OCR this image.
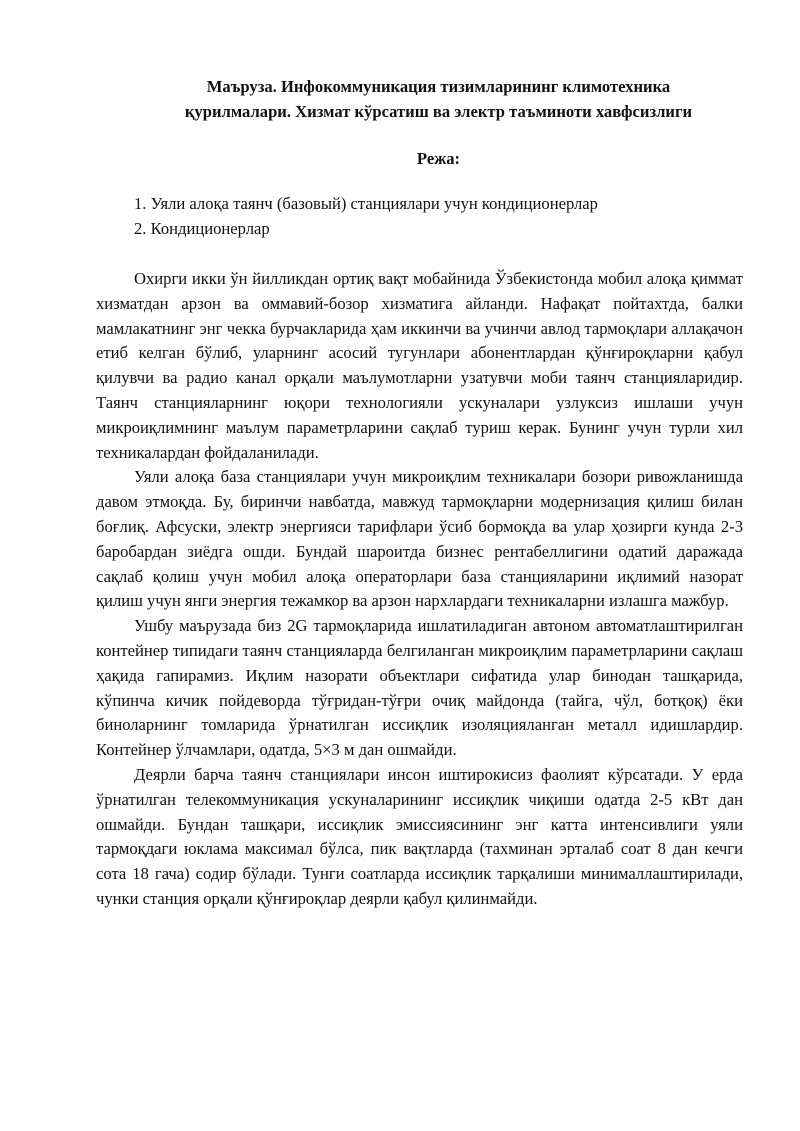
Маъруза. Инфокоммуникация тизимларининг климотехника
қурилмалари. Хизмат кўрсатиш ва электр таъминоти хавфсизлиги
Режа:
1. Уяли алоқа таянч (базовый) станциялари учун кондиционерлар
2. Кондиционерлар

Охирги икки ўн йилликдан ортиқ вақт мобайнида Ўзбекистонда мобил алоқа қиммат хизматдан арзон ва оммавий-бозор хизматига айланди. Нафақат пойтахтда, балки мамлакатнинг энг чекка бурчакларида ҳам иккинчи ва учинчи авлод тармоқлари аллақачон етиб келган бўлиб, уларнинг асосий тугунлари абонентлардан қўнғироқларни қабул қилувчи ва радио канал орқали маълумотларни узатувчи моби таянч станцияларидир. Таянч станцияларнинг юқори технологияли ускуналари узлуксиз ишлаши учун микроиқлимнинг маълум параметрларини сақлаб туриш керак. Бунинг учун турли хил техникалардан фойдаланилади.

Уяли алоқа база станциялари учун микроиқлим техникалари бозори ривожланишда давом этмоқда. Бу, биринчи навбатда, мавжуд тармоқларни модернизация қилиш билан боғлиқ. Афсуски, электр энергияси тарифлари ўсиб бормоқда ва улар ҳозирги кунда 2-3 баробардан зиёдга ошди. Бундай шароитда бизнес рентабеллигини одатий даражада сақлаб қолиш учун мобил алоқа операторлари база станцияларини иқлимий назорат қилиш учун янги энергия тежамкор ва арзон нархлардаги техникаларни излашга мажбур.

Ушбу маърузада биз 2G тармоқларида ишлатиладиган автоном автоматлаштирилган контейнер типидаги таянч станцияларда белгиланган микроиқлим параметрларини сақлаш ҳақида гапирамиз. Иқлим назорати объектлари сифатида улар бинодан ташқарида, кўпинча кичик пойдеворда тўғридан-тўғри очиқ майдонда (тайга, чўл, ботқоқ) ёки биноларнинг томларида ўрнатилган иссиқлик изоляцияланган металл идишлардир. Контейнер ўлчамлари, одатда, 5×3 м дан ошмайди.

Деярли барча таянч станциялари инсон иштирокисиз фаолият кўрсатади. У ерда ўрнатилган телекоммуникация ускуналарининг иссиқлик чиқиши одатда 2-5 кВт дан ошмайди. Бундан ташқари, иссиқлик эмиссиясининг энг катта интенсивлиги уяли тармоқдаги юклама максимал бўлса, пик вақтларда (тахминан эрталаб соат 8 дан кечги сота 18 гача) содир бўлади. Тунги соатларда иссиқлик тарқалиши минималлаштирилади, чунки станция орқали қўнғироқлар деярли қабул қилинмайди.
